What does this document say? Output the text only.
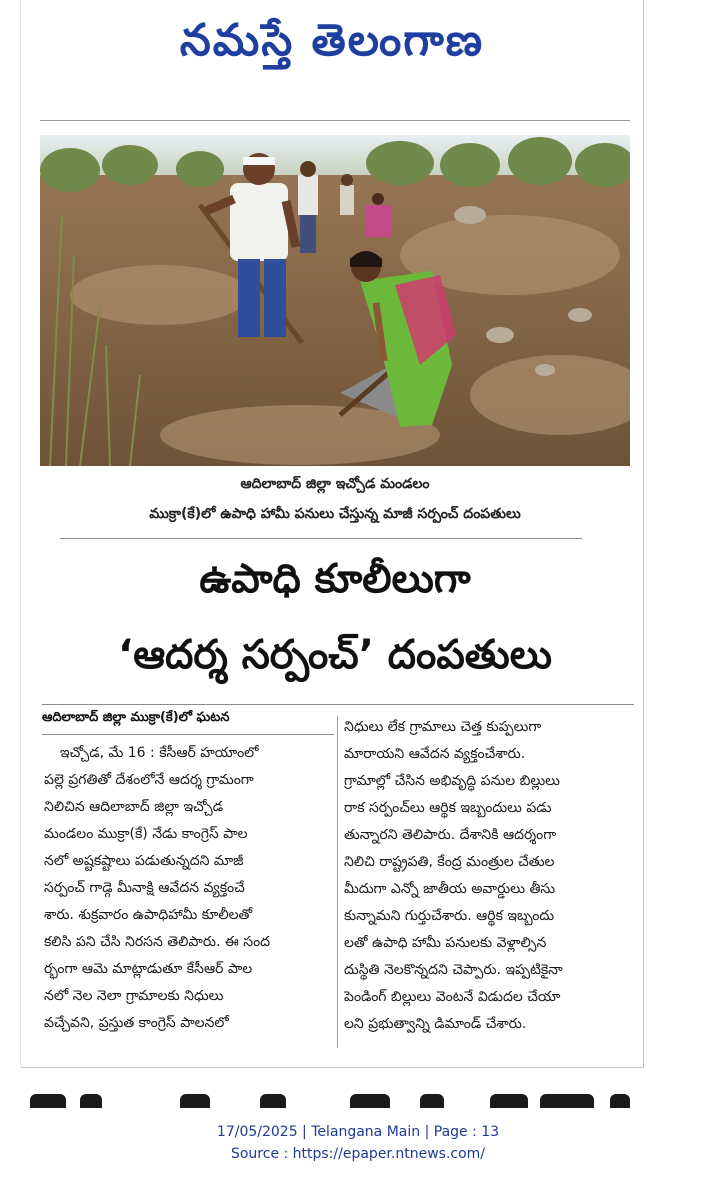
నమస్తే తెలంగాణ
ఆదిలాబాద్ జిల్లా ఇచ్చోడ మండలం
ముక్రా(కే)లో ఉపాధి హామీ పనులు చేస్తున్న మాజీ సర్పంచ్ దంపతులు
ఉపాధి కూలీలుగా
‘ఆదర్శ సర్పంచ్’ దంపతులు
ఆదిలాబాద్ జిల్లా ముక్రా(కే)లో ఘటన
ఇచ్చోడ, మే 16 : కేసీఆర్ హయాంలో
పల్లె ప్రగతితో దేశంలోనే ఆదర్శ గ్రామంగా
నిలిచిన ఆదిలాబాద్ జిల్లా ఇచ్చోడ
మండలం ముక్రా(కే) నేడు కాంగ్రెస్ పాల
నలో అష్టకష్టాలు పడుతున్నదని మాజీ
సర్పంచ్ గాడ్గె మీనాక్షి ఆవేదన వ్యక్తంచే
శారు. శుక్రవారం ఉపాధిహామీ కూలీలతో
కలిసి పని చేసి నిరసన తెలిపారు. ఈ సంద
ర్భంగా ఆమె మాట్లాడుతూ కేసీఆర్ పాల
నలో నెల నెలా గ్రామాలకు నిధులు
వచ్చేవని, ప్రస్తుత కాంగ్రెస్ పాలనలో
నిధులు లేక గ్రామాలు చెత్త కుప్పలుగా
మారాయని ఆవేదన వ్యక్తంచేశారు.
గ్రామాల్లో చేసిన అభివృద్ధి పనుల బిల్లులు
రాక సర్పంచ్‌లు ఆర్థిక ఇబ్బందులు పడు
తున్నారని తెలిపారు. దేశానికి ఆదర్శంగా
నిలిచి రాష్ట్రపతి, కేంద్ర మంత్రుల చేతుల
మీదుగా ఎన్నో జాతీయ అవార్డులు తీసు
కున్నామని గుర్తుచేశారు. ఆర్థిక ఇబ్బందు
లతో ఉపాధి హామీ పనులకు వెళ్లాల్సిన
దుస్థితి నెలకొన్నదని చెప్పారు. ఇప్పటికైనా
పెండింగ్ బిల్లులు వెంటనే విడుదల చేయా
లని ప్రభుత్వాన్ని డిమాండ్ చేశారు.
17/05/2025 | Telangana Main | Page : 13
Source : https://epaper.ntnews.com/
